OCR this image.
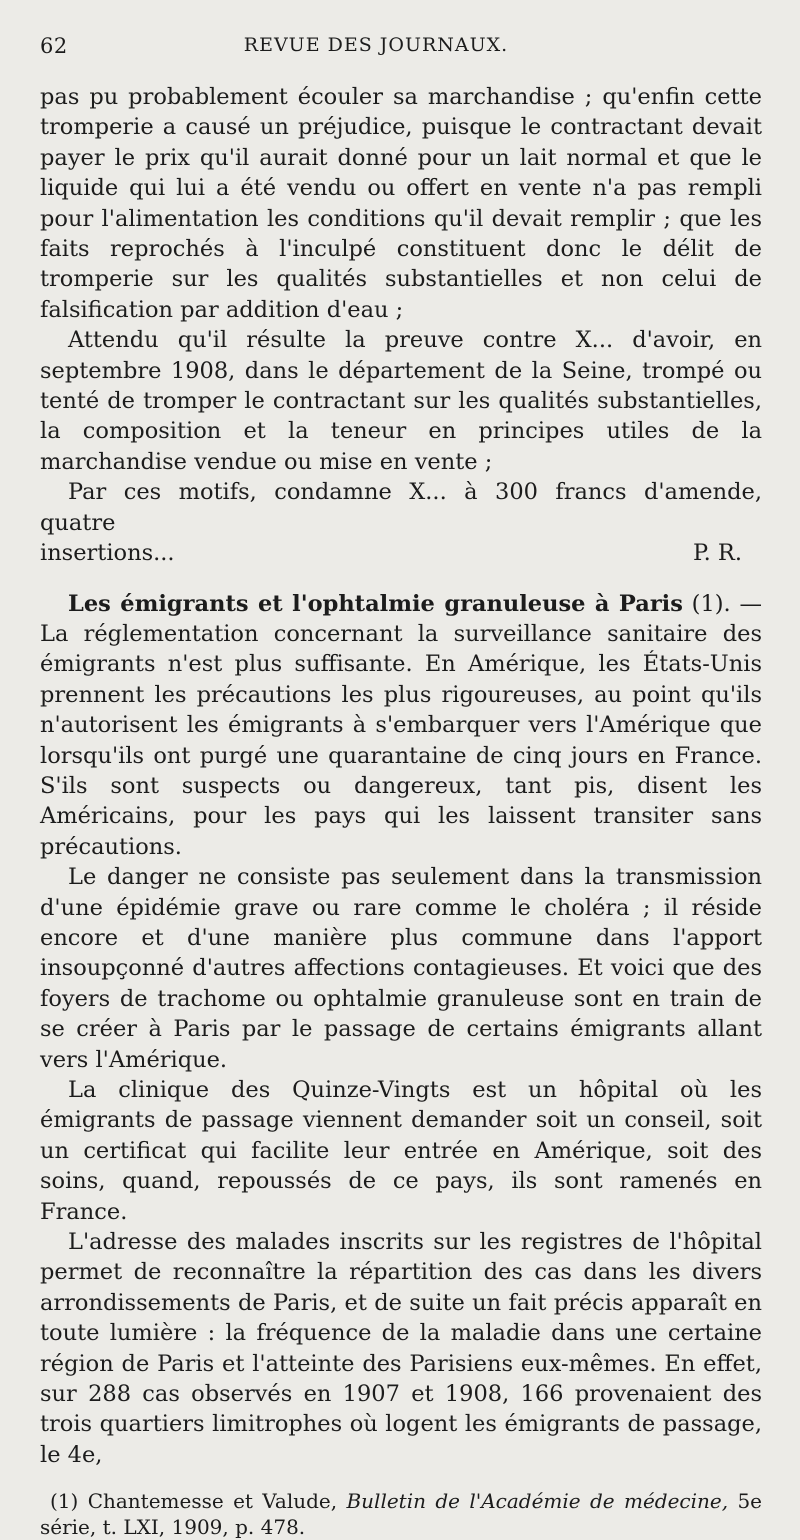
62	REVUE DES JOURNAUX.

pas pu probablement écouler sa marchandise ; qu'enfin cette tromperie a causé un préjudice, puisque le contractant devait payer le prix qu'il aurait donné pour un lait normal et que le liquide qui lui a été vendu ou offert en vente n'a pas rempli pour l'alimentation les conditions qu'il devait remplir ; que les faits reprochés à l'inculpé constituent donc le délit de tromperie sur les qualités substantielles et non celui de falsification par addition d'eau ;

Attendu qu'il résulte la preuve contre X... d'avoir, en septembre 1908, dans le département de la Seine, trompé ou tenté de tromper le contractant sur les qualités substantielles, la composition et la teneur en principes utiles de la marchandise vendue ou mise en vente ;

Par ces motifs, condamne X... à 300 francs d'amende, quatre

insertions...	P. R.

Les émigrants et l'ophtalmie granuleuse à Paris (1). — La réglementation concernant la surveillance sanitaire des émigrants n'est plus suffisante. En Amérique, les États-Unis prennent les précautions les plus rigoureuses, au point qu'ils n'autorisent les émigrants à s'embarquer vers l'Amérique que lorsqu'ils ont purgé une quarantaine de cinq jours en France. S'ils sont suspects ou dangereux, tant pis, disent les Américains, pour les pays qui les laissent transiter sans précautions.

Le danger ne consiste pas seulement dans la transmission d'une épidémie grave ou rare comme le choléra ; il réside encore et d'une manière plus commune dans l'apport insoupçonné d'autres affections contagieuses. Et voici que des foyers de trachome ou ophtalmie granuleuse sont en train de se créer à Paris par le passage de certains émigrants allant vers l'Amérique.

La clinique des Quinze-Vingts est un hôpital où les émigrants de passage viennent demander soit un conseil, soit un certificat qui facilite leur entrée en Amérique, soit des soins, quand, repoussés de ce pays, ils sont ramenés en France.

L'adresse des malades inscrits sur les registres de l'hôpital permet de reconnaître la répartition des cas dans les divers arrondissements de Paris, et de suite un fait précis apparaît en toute lumière : la fréquence de la maladie dans une certaine région de Paris et l'atteinte des Parisiens eux-mêmes. En effet, sur 288 cas observés en 1907 et 1908, 166 provenaient des trois quartiers limitrophes où logent les émigrants de passage, le 4e,

(1) Chantemesse et Valude, Bulletin de l'Académie de médecine, 5e série, t. LXI, 1909, p. 478.
